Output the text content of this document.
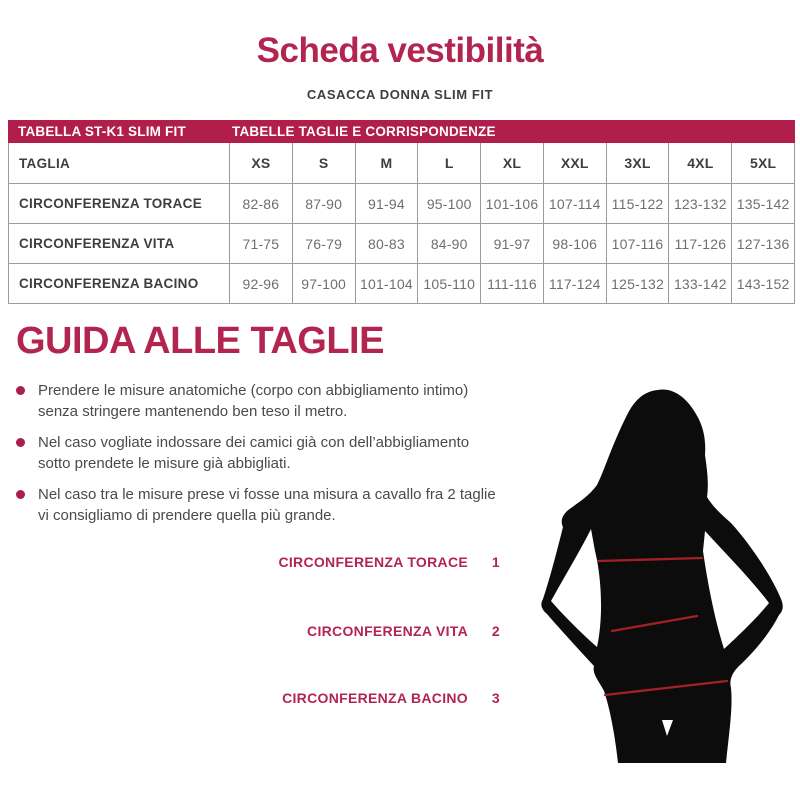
Scheda vestibilità
CASACCA DONNA SLIM FIT
TABELLA ST-K1 SLIM FIT	TABELLE TAGLIE E CORRISPONDENZE
TAGLIA	XS	S	M	L	XL	XXL	3XL	4XL	5XL
CIRCONFERENZA TORACE	82-86	87-90	91-94	95-100 101-106 107-114 115-122 123-132 135-142
CIRCONFERENZA VITA	71-75	76-79	80-83	84-90	91-97	98-106	107-116 117-126 127-136
CIRCONFERENZA BACINO	92-96	97-100	101-104 105-110 111-116 117-124 125-132 133-142 143-152
GUIDA ALLE TAGLIE
Prendere le misure anatomiche (corpo con abbigliamento intimo)
senza stringere mantenendo ben teso il metro.
Nel caso vogliate indossare dei camici già con dell’abbigliamento
sotto prendete le misure già abbigliati.
Nel caso tra le misure prese vi fosse una misura a cavallo fra 2 taglie
vi consigliamo di prendere quella più grande.
CIRCONFERENZA TORACE	1
CIRCONFERENZA VITA	2
CIRCONFERENZA BACINO	3
